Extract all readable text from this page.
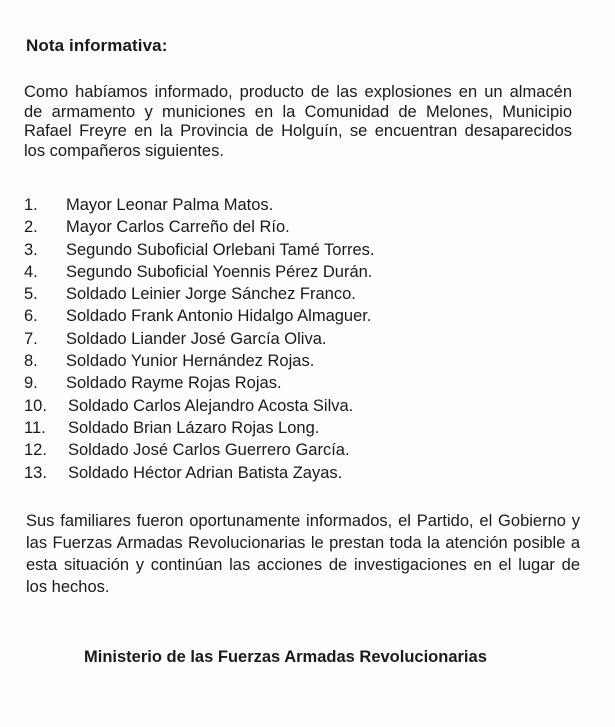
Nota informativa:

Como habíamos informado, producto de las explosiones en un almacén de armamento y municiones en la Comunidad de Melones, Municipio Rafael Freyre en la Provincia de Holguín, se encuentran desaparecidos los compañeros siguientes.

1.	Mayor Leonar Palma Matos.
2.	Mayor Carlos Carreño del Río.
3.	Segundo Suboficial Orlebani Tamé Torres.
4.	Segundo Suboficial Yoennis Pérez Durán.
5.	Soldado Leinier Jorge Sánchez Franco.
6.	Soldado Frank Antonio Hidalgo Almaguer.
7.	Soldado Liander José García Oliva.
8.	Soldado Yunior Hernández Rojas.
9.	Soldado Rayme Rojas Rojas.
10.	Soldado Carlos Alejandro Acosta Silva.
11.	Soldado Brian Lázaro Rojas Long.
12.	Soldado José Carlos Guerrero García.
13.	Soldado Héctor Adrian Batista Zayas.

Sus familiares fueron oportunamente informados, el Partido, el Gobierno y las Fuerzas Armadas Revolucionarias le prestan toda la atención posible a esta situación y continúan las acciones de investigaciones en el lugar de los hechos.

Ministerio de las Fuerzas Armadas Revolucionarias
